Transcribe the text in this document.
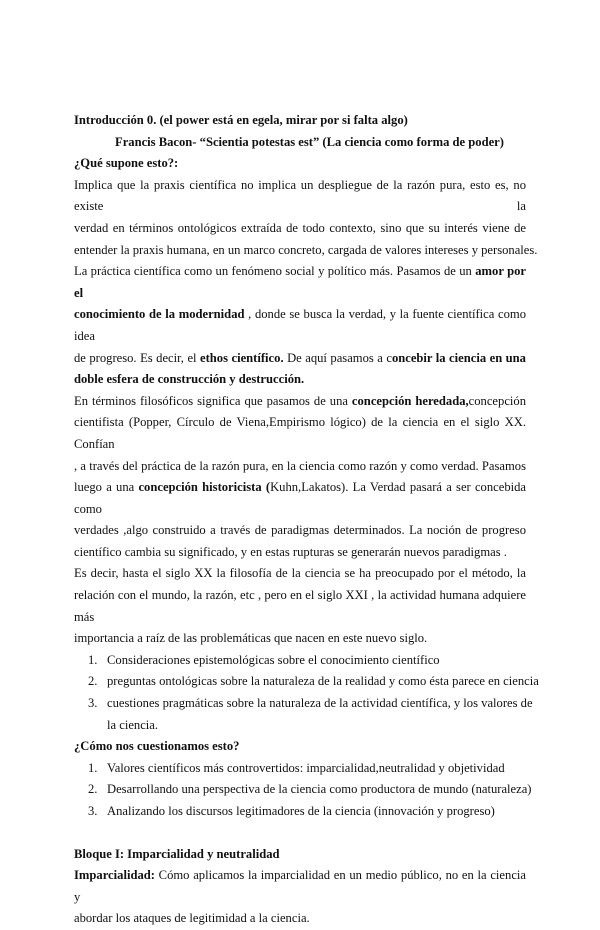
Introducción 0. (el power está en egela, mirar por si falta algo)

Francis Bacon- “Scientia potestas est” (La ciencia como forma de poder)

¿Qué supone esto?:

Implica que la praxis científica no implica un despliegue de la razón pura, esto es, no existe la

verdad en términos ontológicos extraída de todo contexto, sino que su interés viene de

entender la praxis humana, en un marco concreto, cargada de valores intereses y personales.

La práctica científica como un fenómeno social y político más. Pasamos de un amor por el

conocimiento de la modernidad , donde se busca la verdad, y la fuente científica como idea

de progreso. Es decir, el ethos científico. De aquí pasamos a concebir la ciencia en una

doble esfera de construcción y destrucción.

En términos filosóficos significa que pasamos de una concepción heredada,concepción

cientifista (Popper, Círculo de Viena,Empirismo lógico) de la ciencia en el siglo XX. Confían

, a través del práctica de la razón pura, en la ciencia como razón y como verdad. Pasamos

luego a una concepción historicista (Kuhn,Lakatos). La Verdad pasará a ser concebida como

verdades ,algo construido a través de paradigmas determinados. La noción de progreso

científico cambia su significado, y en estas rupturas se generarán nuevos paradigmas .

Es decir, hasta el siglo XX la filosofía de la ciencia se ha preocupado por el método, la

relación con el mundo, la razón, etc , pero en el siglo XXI , la actividad humana adquiere más

importancia a raíz de las problemáticas que nacen en este nuevo siglo.

1. Consideraciones epistemológicas sobre el conocimiento científico
2. preguntas ontológicas sobre la naturaleza de la realidad y como ésta parece en ciencia
3. cuestiones pragmáticas sobre la naturaleza de la actividad científica, y los valores de
la ciencia.

¿Cómo nos cuestionamos esto?

1. Valores científicos más controvertidos: imparcialidad,neutralidad y objetividad
2. Desarrollando una perspectiva de la ciencia como productora de mundo (naturaleza)
3. Analizando los discursos legitimadores de la ciencia (innovación y progreso)

Bloque I: Imparcialidad y neutralidad

Imparcialidad: Cómo aplicamos la imparcialidad en un medio público, no en la ciencia y

abordar los ataques de legitimidad a la ciencia.
